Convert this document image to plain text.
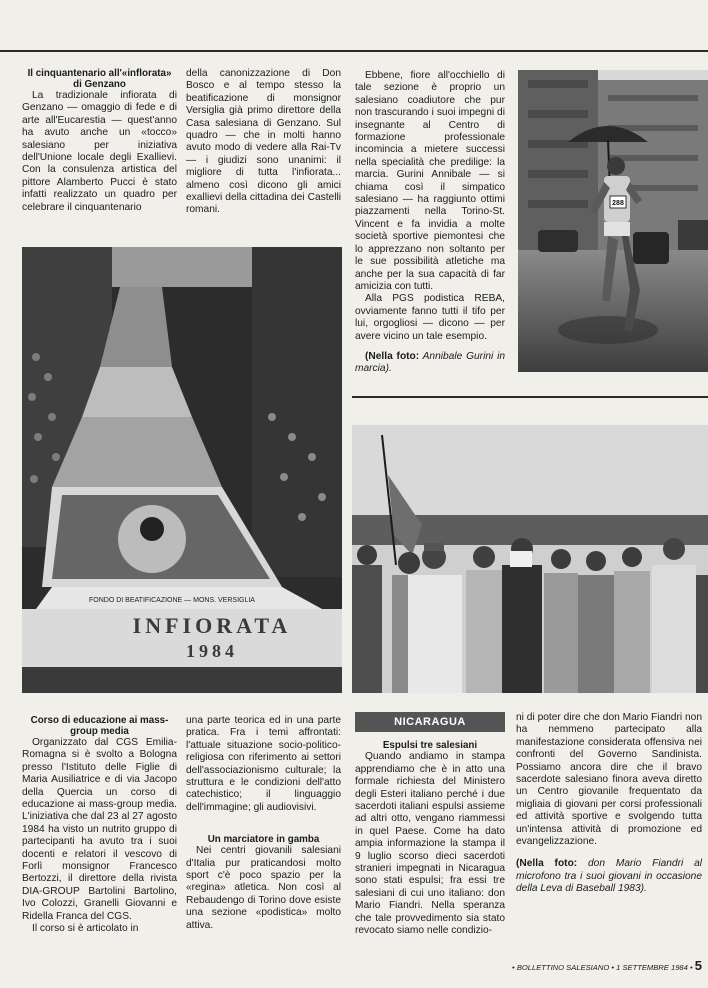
Il cinquantenario all'«inflorata» di Genzano

La tradizionale infiorata di Genzano — omaggio di fede e di arte all'Eucarestia — quest'anno ha avuto anche un «tocco» salesiano per iniziativa dell'Unione locale degli Exallievi. Con la consulenza artistica del pittore Alamberto Pucci è stato infatti realizzato un quadro per celebrare il cinquantenario

della canonizzazione di Don Bosco e al tempo stesso la beatificazione di monsignor Versiglia già primo direttore della Casa salesiana di Genzano. Sul quadro — che in molti hanno avuto modo di vedere alla Rai-Tv — i giudizi sono unanimi: il migliore di tutta l'infiorata... almeno così dicono gli amici exallievi della cittadina dei Castelli romani.

Ebbene, fiore all'occhiello di tale sezione è proprio un salesiano coadiutore che pur non trascurando i suoi impegni di insegnante al Centro di formazione professionale incomincia a mietere successi nella specialità che predilige: la marcia. Gurini Annibale — si chiama così il simpatico salesiano — ha raggiunto ottimi piazzamenti nella Torino-St. Vincent e fa invidia a molte società sportive piemontesi che lo apprezzano non soltanto per le sue possibilità atletiche ma anche per la sua capacità di far amicizia con tutti.

Alla PGS podistica REBA, ovviamente fanno tutti il tifo per lui, orgogliosi — dicono — per avere vicino un tale esempio.

(Nella foto: Annibale Gurini in marcia).

288
FONDO DI BEATIFICAZIONE — MONS. VERSIGLIA
INFIORATA
1984

Corso di educazione ai mass-group media

Organizzato dal CGS Emilia-Romagna si è svolto a Bologna presso l'Istituto delle Figlie di Maria Ausiliatrice e di via Jacopo della Quercia un corso di educazione ai mass-group media. L'iniziativa che dal 23 al 27 agosto 1984 ha visto un nutrito gruppo di partecipanti ha avuto tra i suoi docenti e relatori il vescovo di Forlì monsignor Francesco Bertozzi, il direttore della rivista DIA-GROUP Bartolini Bartolino, Ivo Colozzi, Granelli Giovanni e Ridella Franca del CGS.

Il corso si è articolato in

una parte teorica ed in una parte pratica. Fra i temi affrontati: l'attuale situazione socio-politico-religiosa con riferimento ai settori dell'associazionismo culturale; la struttura e le condizioni dell'atto catechistico; il linguaggio dell'immagine; gli audiovisivi.

Un marciatore in gamba

Nei centri giovanili salesiani d'Italia pur praticandosi molto sport c'è poco spazio per la «regina» atletica. Non così al Rebaudengo di Torino dove esiste una sezione «podistica» molto attiva.

NICARAGUA

Espulsi tre salesiani

Quando andiamo in stampa apprendiamo che è in atto una formale richiesta del Ministero degli Esteri italiano perché i due sacerdoti italiani espulsi assieme ad altri otto, vengano riammessi in quel Paese. Come ha dato ampia informazione la stampa il 9 luglio scorso dieci sacerdoti stranieri impegnati in Nicaragua sono stati espulsi; fra essi tre salesiani di cui uno italiano: don Mario Fiandri. Nella speranza che tale provvedimento sia stato revocato siamo nelle condizio-

ni di poter dire che don Mario Fiandri non ha nemmeno partecipato alla manifestazione considerata offensiva nei confronti del Governo Sandinista. Possiamo ancora dire che il bravo sacerdote salesiano finora aveva diretto un Centro giovanile frequentato da migliaia di giovani per corsi professionali ed attività sportive e svolgendo tutta un'intensa attività di promozione ed evangelizzazione.

(Nella foto: don Mario Fiandri al microfono tra i suoi giovani in occasione della Leva di Baseball 1983).

• BOLLETTINO SALESIANO • 1 SETTEMBRE 1984 • 5
